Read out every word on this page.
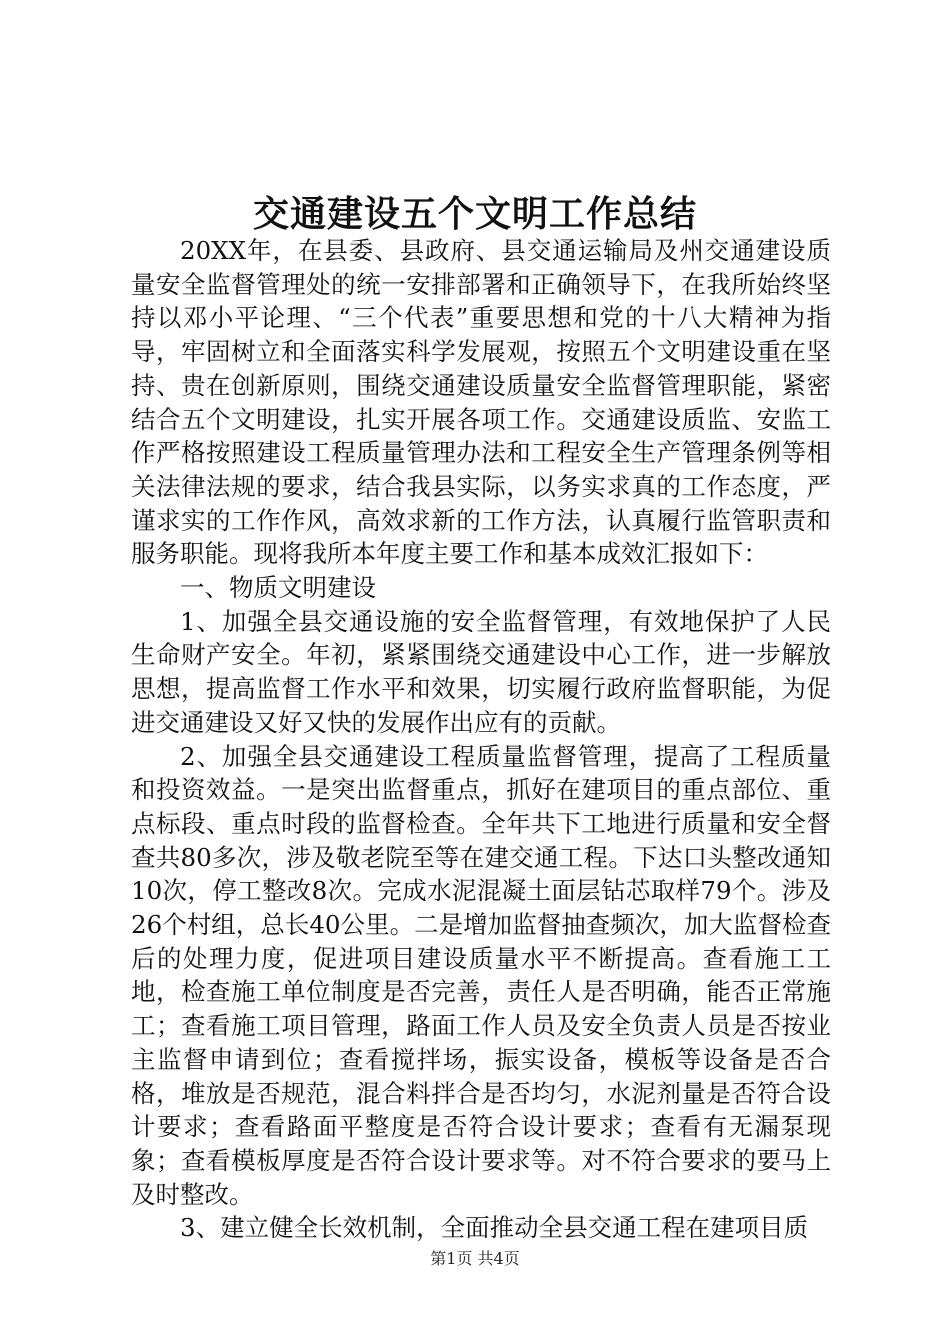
交通建设五个文明工作总结

20XX年，在县委、县政府、县交通运输局及州交通建设质量安全监督管理处的统一安排部署和正确领导下，在我所始终坚持以邓小平论理、“三个代表”重要思想和党的十八大精神为指导，牢固树立和全面落实科学发展观，按照五个文明建设重在坚持、贵在创新原则，围绕交通建设质量安全监督管理职能，紧密结合五个文明建设，扎实开展各项工作。交通建设质监、安监工作严格按照建设工程质量管理办法和工程安全生产管理条例等相关法律法规的要求，结合我县实际，以务实求真的工作态度，严谨求实的工作作风，高效求新的工作方法，认真履行监管职责和服务职能。现将我所本年度主要工作和基本成效汇报如下：

一、物质文明建设

1、加强全县交通设施的安全监督管理，有效地保护了人民生命财产安全。年初，紧紧围绕交通建设中心工作，进一步解放思想，提高监督工作水平和效果，切实履行政府监督职能，为促进交通建设又好又快的发展作出应有的贡献。

2、加强全县交通建设工程质量监督管理，提高了工程质量和投资效益。一是突出监督重点，抓好在建项目的重点部位、重点标段、重点时段的监督检查。全年共下工地进行质量和安全督查共80多次，涉及敬老院至等在建交通工程。下达口头整改通知10次，停工整改8次。完成水泥混凝土面层钻芯取样79个。涉及26个村组，总长40公里。二是增加监督抽查频次，加大监督检查后的处理力度，促进项目建设质量水平不断提高。查看施工工地，检查施工单位制度是否完善，责任人是否明确，能否正常施工；查看施工项目管理，路面工作人员及安全负责人员是否按业主监督申请到位；查看搅拌场，振实设备，模板等设备是否合格，堆放是否规范，混合料拌合是否均匀，水泥剂量是否符合设计要求；查看路面平整度是否符合设计要求；查看有无漏泵现象；查看模板厚度是否符合设计要求等。对不符合要求的要马上及时整改。

3、建立健全长效机制，全面推动全县交通工程在建项目质

第1页 共4页
